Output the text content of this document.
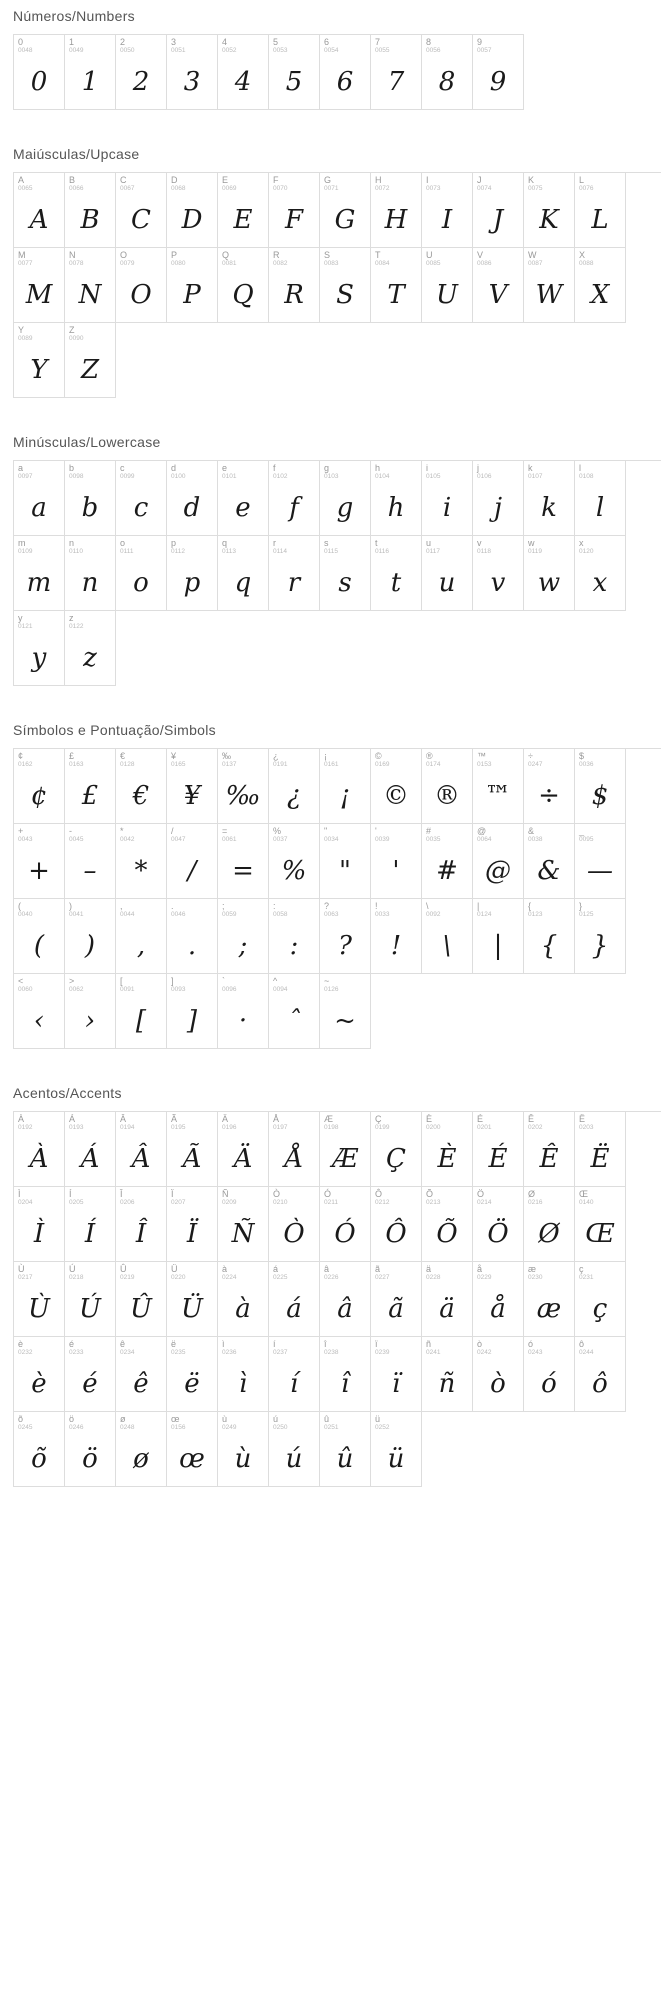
Números/Numbers
0
0048
0
1
0049
1
2
0050
2
3
0051
3
4
0052
4
5
0053
5
6
0054
6
7
0055
7
8
0056
8
9
0057
9
Maiúsculas/Upcase
A
0065
A
B
0066
B
C
0067
C
D
0068
D
E
0069
E
F
0070
F
G
0071
G
H
0072
H
I
0073
I
J
0074
J
K
0075
K
L
0076
L
M
0077
M
N
0078
N
O
0079
O
P
0080
P
Q
0081
Q
R
0082
R
S
0083
S
T
0084
T
U
0085
U
V
0086
V
W
0087
W
X
0088
X
Y
0089
Y
Z
0090
Z
Minúsculas/Lowercase
a
0097
a
b
0098
b
c
0099
c
d
0100
d
e
0101
e
f
0102
f
g
0103
g
h
0104
h
i
0105
i
j
0106
j
k
0107
k
l
0108
l
m
0109
m
n
0110
n
o
0111
o
p
0112
p
q
0113
q
r
0114
r
s
0115
s
t
0116
t
u
0117
u
v
0118
v
w
0119
w
x
0120
x
y
0121
y
z
0122
z
Símbolos e Pontuação/Simbols
¢
0162
¢
£
0163
£
€
0128
€
¥
0165
¥
‰
0137
‰
¿
0191
¿
¡
0161
¡
©
0169
©
®
0174
®
™
0153
™
÷
0247
÷
$
0036
$
+
0043
+
-
0045
–
*
0042
*
/
0047
/
=
0061
=
%
0037
%
"
0034
"
'
0039
'
#
0035
#
@
0064
@
&
0038
&
_
0095
—
(
0040
(
)
0041
)
,
0044
,
.
0046
.
;
0059
;
:
0058
:
?
0063
?
!
0033
!
\
0092
\
|
0124
|
{
0123
{
}
0125
}
<
0060
‹
>
0062
›
[
0091
[
]
0093
]
`
0096
·
^
0094
ˆ
~
0126
~
Acentos/Accents
À
0192
À
Á
0193
Á
Â
0194
Â
Ã
0195
Ã
Ä
0196
Ä
Å
0197
Å
Æ
0198
Æ
Ç
0199
Ç
È
0200
È
É
0201
É
Ê
0202
Ê
Ë
0203
Ë
Ì
0204
Ì
Í
0205
Í
Î
0206
Î
Ï
0207
Ï
Ñ
0209
Ñ
Ò
0210
Ò
Ó
0211
Ó
Ô
0212
Ô
Õ
0213
Õ
Ö
0214
Ö
Ø
0216
Ø
Œ
0140
Œ
Ù
0217
Ù
Ú
0218
Ú
Û
0219
Û
Ü
0220
Ü
à
0224
à
á
0225
á
â
0226
â
ã
0227
ã
ä
0228
ä
å
0229
å
æ
0230
æ
ç
0231
ç
è
0232
è
é
0233
é
ê
0234
ê
ë
0235
ë
ì
0236
ì
í
0237
í
î
0238
î
ï
0239
ï
ñ
0241
ñ
ò
0242
ò
ó
0243
ó
ô
0244
ô
õ
0245
õ
ö
0246
ö
ø
0248
ø
œ
0156
œ
ù
0249
ù
ú
0250
ú
û
0251
û
ü
0252
ü
